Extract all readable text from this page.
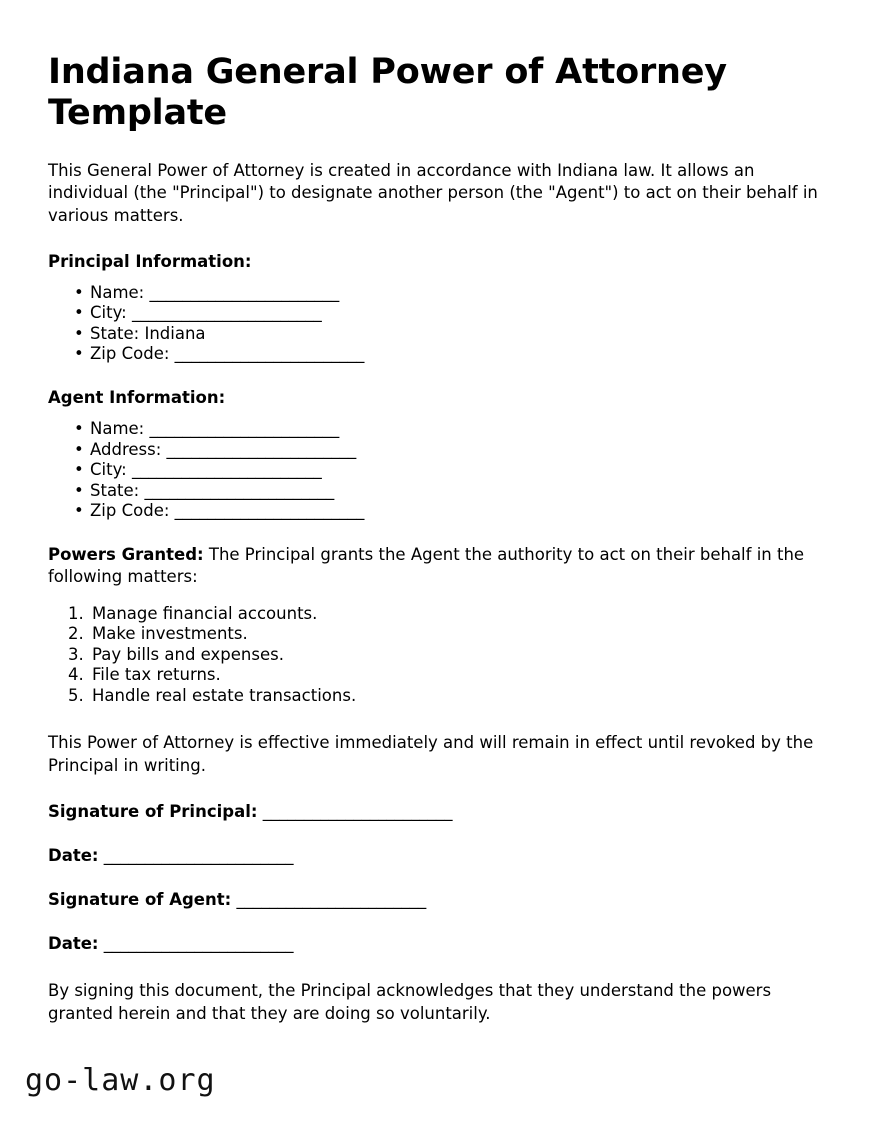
Indiana General Power of Attorney Template

This General Power of Attorney is created in accordance with Indiana law. It allows an individual (the "Principal") to designate another person (the "Agent") to act on their behalf in various matters.

Principal Information:
• Name: _______________________
• City: _______________________
• State: Indiana
• Zip Code: _______________________
Agent Information:
• Name: _______________________
• Address: _______________________
• City: _______________________
• State: _______________________
• Zip Code: _______________________

Powers Granted: The Principal grants the Agent the authority to act on their behalf in the following matters:

Manage financial accounts.
Make investments.
Pay bills and expenses.
File tax returns.
Handle real estate transactions.

This Power of Attorney is effective immediately and will remain in effect until revoked by the Principal in writing.

Signature of Principal: _______________________

Date: _______________________

Signature of Agent: _______________________

Date: _______________________

By signing this document, the Principal acknowledges that they understand the powers granted herein and that they are doing so voluntarily.

go-law.org
